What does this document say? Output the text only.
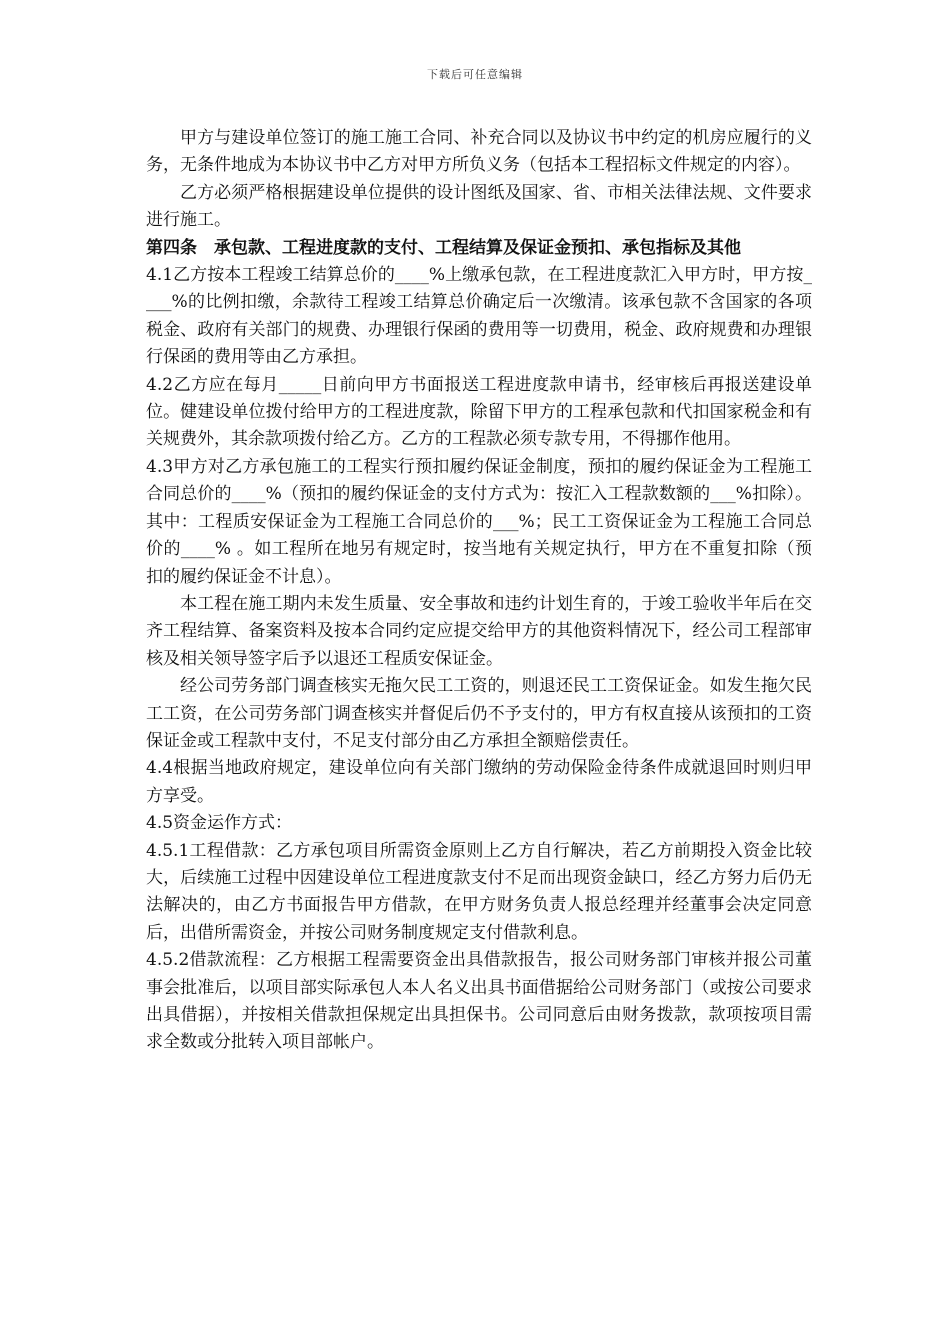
下载后可任意编辑

甲方与建设单位签订的施工施工合同、补充合同以及协议书中约定的机房应履行的义务，无条件地成为本协议书中乙方对甲方所负义务（包括本工程招标文件规定的内容）。

乙方必须严格根据建设单位提供的设计图纸及国家、省、市相关法律法规、文件要求进行施工。

第四条　承包款、工程进度款的支付、工程结算及保证金预扣、承包指标及其他

4.1乙方按本工程竣工结算总价的____%上缴承包款，在工程进度款汇入甲方时，甲方按____%的比例扣缴，余款待工程竣工结算总价确定后一次缴清。该承包款不含国家的各项税金、政府有关部门的规费、办理银行保函的费用等一切费用，税金、政府规费和办理银行保函的费用等由乙方承担。

4.2乙方应在每月_____日前向甲方书面报送工程进度款申请书，经审核后再报送建设单位。健建设单位拨付给甲方的工程进度款，除留下甲方的工程承包款和代扣国家税金和有关规费外，其余款项拨付给乙方。乙方的工程款必须专款专用，不得挪作他用。

4.3甲方对乙方承包施工的工程实行预扣履约保证金制度，预扣的履约保证金为工程施工合同总价的____%（预扣的履约保证金的支付方式为：按汇入工程款数额的___%扣除）。其中：工程质安保证金为工程施工合同总价的___%；民工工资保证金为工程施工合同总价的____% 。如工程所在地另有规定时，按当地有关规定执行，甲方在不重复扣除（预扣的履约保证金不计息）。

本工程在施工期内未发生质量、安全事故和违约计划生育的，于竣工验收半年后在交齐工程结算、备案资料及按本合同约定应提交给甲方的其他资料情况下，经公司工程部审核及相关领导签字后予以退还工程质安保证金。

经公司劳务部门调查核实无拖欠民工工资的，则退还民工工资保证金。如发生拖欠民工工资，在公司劳务部门调查核实并督促后仍不予支付的，甲方有权直接从该预扣的工资保证金或工程款中支付，不足支付部分由乙方承担全额赔偿责任。

4.4根据当地政府规定，建设单位向有关部门缴纳的劳动保险金待条件成就退回时则归甲方享受。

4.5资金运作方式：

4.5.1工程借款：乙方承包项目所需资金原则上乙方自行解决，若乙方前期投入资金比较大，后续施工过程中因建设单位工程进度款支付不足而出现资金缺口，经乙方努力后仍无法解决的，由乙方书面报告甲方借款，在甲方财务负责人报总经理并经董事会决定同意后，出借所需资金，并按公司财务制度规定支付借款利息。

4.5.2借款流程：乙方根据工程需要资金出具借款报告，报公司财务部门审核并报公司董事会批准后，以项目部实际承包人本人名义出具书面借据给公司财务部门（或按公司要求出具借据），并按相关借款担保规定出具担保书。公司同意后由财务拨款，款项按项目需求全数或分批转入项目部帐户。
